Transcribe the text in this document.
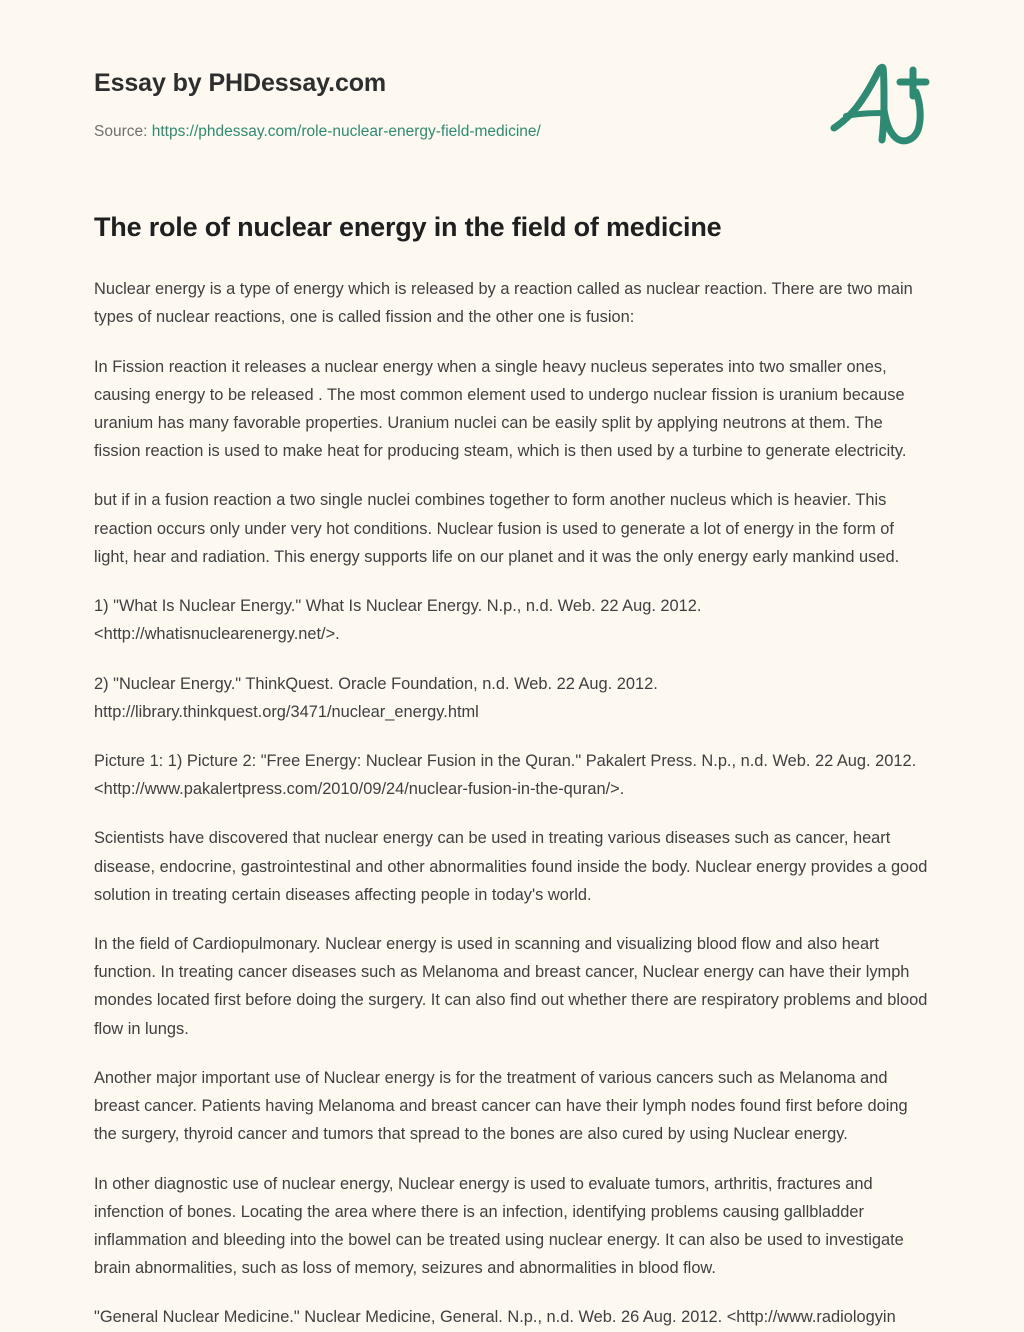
Essay by PHDessay.com
Source: https://phdessay.com/role-nuclear-energy-field-medicine/
The role of nuclear energy in the field of medicine

Nuclear energy is a type of energy which is released by a reaction called as nuclear reaction. There are two main types of nuclear reactions, one is called fission and the other one is fusion:

In Fission reaction it releases a nuclear energy when a single heavy nucleus seperates into two smaller ones, causing energy to be released . The most common element used to undergo nuclear fission is uranium because uranium has many favorable properties. Uranium nuclei can be easily split by applying neutrons at them. The fission reaction is used to make heat for producing steam, which is then used by a turbine to generate electricity.

but if in a fusion reaction a two single nuclei combines together to form another nucleus which is heavier. This reaction occurs only under very hot conditions. Nuclear fusion is used to generate a lot of energy in the form of light, hear and radiation. This energy supports life on our planet and it was the only energy early mankind used.

1) "What Is Nuclear Energy." What Is Nuclear Energy. N.p., n.d. Web. 22 Aug. 2012. <http://whatisnuclearenergy.net/>.

2) "Nuclear Energy." ThinkQuest. Oracle Foundation, n.d. Web. 22 Aug. 2012. http://library.thinkquest.org/3471/nuclear_energy.html

Picture 1: 1) Picture 2: "Free Energy: Nuclear Fusion in the Quran." Pakalert Press. N.p., n.d. Web. 22 Aug. 2012. <http://www.pakalertpress.com/2010/09/24/nuclear-fusion-in-the-quran/>.

Scientists have discovered that nuclear energy can be used in treating various diseases such as cancer, heart disease, endocrine, gastrointestinal and other abnormalities found inside the body. Nuclear energy provides a good solution in treating certain diseases affecting people in today's world.

In the field of Cardiopulmonary. Nuclear energy is used in scanning and visualizing blood flow and also heart function. In treating cancer diseases such as Melanoma and breast cancer, Nuclear energy can have their lymph mondes located first before doing the surgery. It can also find out whether there are respiratory problems and blood flow in lungs.

Another major important use of Nuclear energy is for the treatment of various cancers such as Melanoma and breast cancer. Patients having Melanoma and breast cancer can have their lymph nodes found first before doing the surgery, thyroid cancer and tumors that spread to the bones are also cured by using Nuclear energy.

In other diagnostic use of nuclear energy, Nuclear energy is used to evaluate tumors, arthritis, fractures and infenction of bones. Locating the area where there is an infection, identifying problems causing gallbladder inflammation and bleeding into the bowel can be treated using nuclear energy. It can also be used to investigate brain abnormalities, such as loss of memory, seizures and abnormalities in blood flow.

"General Nuclear Medicine." Nuclear Medicine, General. N.p., n.d. Web. 26 Aug. 2012. <http://www.radiologyin
